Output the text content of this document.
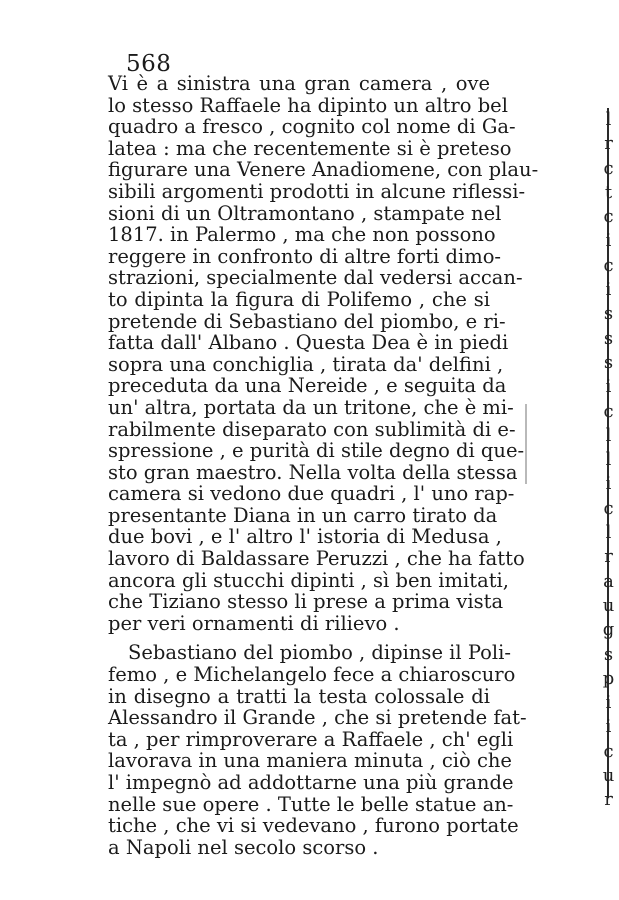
568
Vi è a sinistra una gran camera , ove
lo stesso Raffaele ha dipinto un altro bel
quadro a fresco , cognito col nome di Ga-
latea : ma che recentemente si è preteso
figurare una Venere Anadiomene, con plau-
sibili argomenti prodotti in alcune riflessi-
sioni di un Oltramontano , stampate nel
1817. in Palermo , ma che non possono
reggere in confronto di altre forti dimo-
strazioni, specialmente dal vedersi accan-
to dipinta la figura di Polifemo , che si
pretende di Sebastiano del piombo, e ri-
fatta dall' Albano . Questa Dea è in piedi
sopra una conchiglia , tirata da' delfini ,
preceduta da una Nereide , e seguita da
un' altra, portata da un tritone, che è mi-
rabilmente diseparato con sublimità di e-
spressione , e purità di stile degno di que-
sto gran maestro. Nella volta della stessa
camera si vedono due quadri , l' uno rap-
presentante Diana in un carro tirato da
due bovi , e l' altro l' istoria di Medusa ,
lavoro di Baldassare Peruzzi , che ha fatto
ancora gli stucchi dipinti , sì ben imitati,
che Tiziano stesso li prese a prima vista
per veri ornamenti di rilievo .
Sebastiano del piombo , dipinse il Poli-
femo , e Michelangelo fece a chiaroscuro
in disegno a tratti la testa colossale di
Alessandro il Grande , che si pretende fat-
ta , per rimproverare a Raffaele , ch' egli
lavorava in una maniera minuta , ciò che
l' impegnò ad addottarne una più grande
nelle sue opere . Tutte le belle statue an-
tiche , che vi si vedevano , furono portate
a Napoli nel secolo scorso .
l
r
c
t
c
i
c
i
s
s
s
i
c
l
l
i
c
l
r
a
u
g
s
p
i
i
c
u
r
